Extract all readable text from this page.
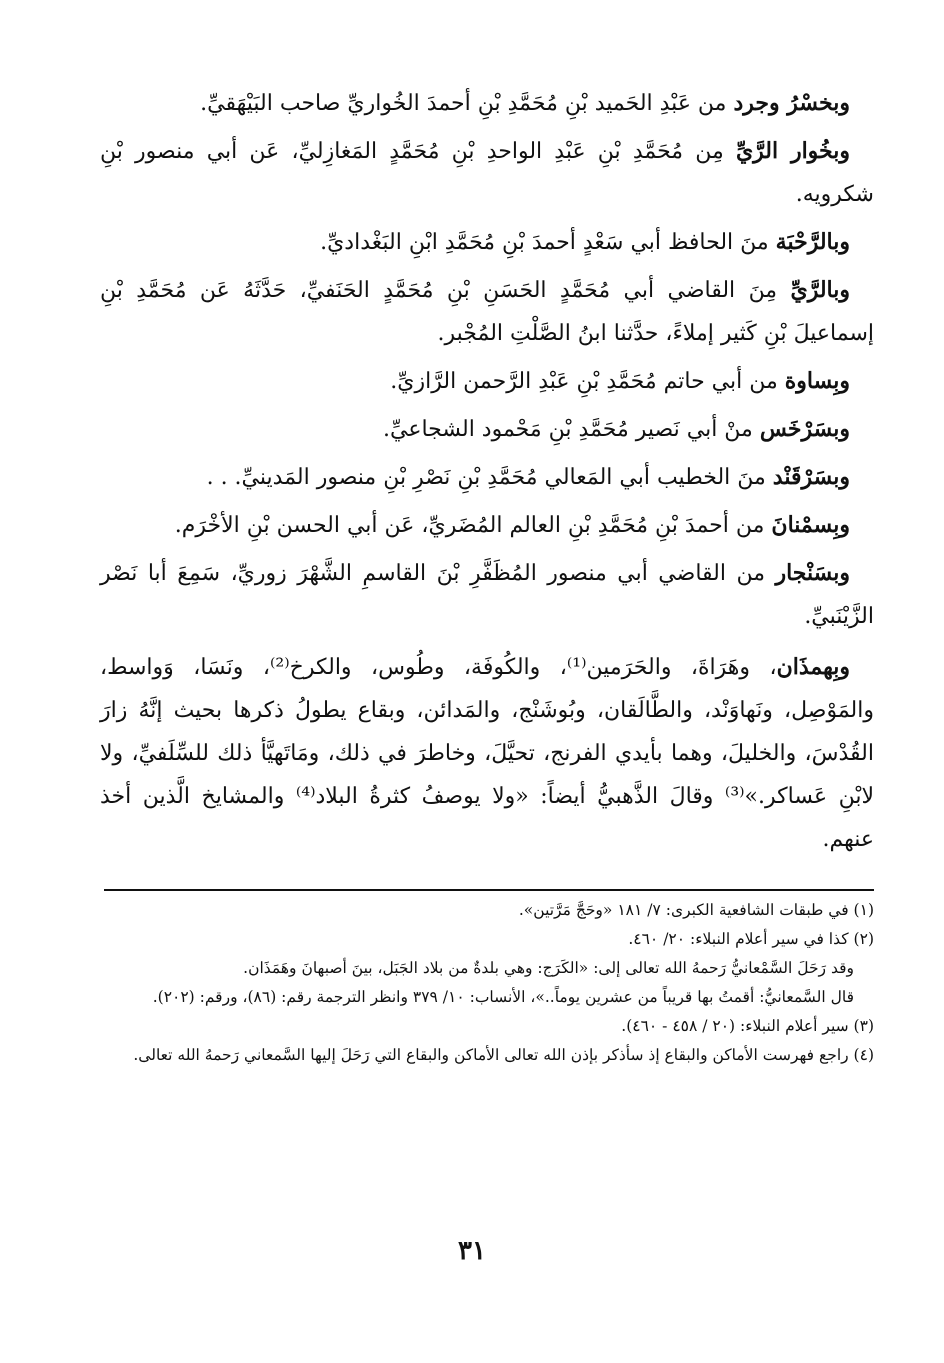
وبخسْرُ وجرد من عَبْدِ الحَميد بْنِ مُحَمَّدِ بْنِ أحمدَ الخُواريِّ صاحب البَيْهَقيِّ.

وبخُوار الرَّيِّ مِن مُحَمَّدِ بْنِ عَبْدِ الواحدِ بْنِ مُحَمَّدٍ المَغازِليِّ، عَن أبي منصور بْنِ شكرويه.

وبالرَّحْبَة منَ الحافظ أبي سَعْدٍ أحمدَ بْنِ مُحَمَّدِ ابْنِ البَغْداديِّ.

وبالرَّيِّ مِنَ القاضي أبي مُحَمَّدٍ الحَسَنِ بْنِ مُحَمَّدٍ الحَنَفيِّ، حَدَّثَهُ عَن مُحَمَّدِ بْنِ إسماعيلَ بْنِ كَثير إملاءً، حدَّثنا ابنُ الصَّلْتِ المُجْبر.

وبِساوة من أبي حاتم مُحَمَّدِ بْنِ عَبْدِ الرَّحمن الرَّازيِّ.

وبسَرْخَس منْ أبي نَصير مُحَمَّدِ بْنِ مَحْمود الشجاعيِّ.

وبسَرْقَنْد منَ الخطيب أبي المَعالي مُحَمَّدِ بْنِ نَصْرِ بْنِ منصور المَدينيِّ. . .

وبِسمْنانَ من أحمدَ بْنِ مُحَمَّدِ بْنِ العالم المُضَريِّ، عَن أبي الحسن بْنِ الأخْرَم.

وبسَنْجار من القاضي أبي منصور المُظَفَّرِ بْنَ القاسمِ الشَّهْرَ زوريِّ، سَمِعَ أبا نَصْر الزَّيْنَبيِّ.

وبِهمذَان، وهَرَاةَ، والحَرَمين⁽¹⁾، والكُوفَة، وطُوس، والكرخ⁽²⁾، ونَسَا، وَواسط، والمَوْصِل، ونَهاوَنْد، والطَّالَقان، وبُوشَنْج، والمَدائن، وبقاع يطولُ ذكرها بحيث إنَّهُ زارَ القُدْسَ، والخليلَ، وهما بأيدي الفرنج، تحيَّلَ، وخاطرَ في ذلك، ومَاتَهيَّأ ذلك للسِّلَفيِّ، ولا لابْنِ عَساكر.»⁽³⁾ وقالَ الذَّهبيُّ أيضاً: «ولا يوصفُ كثرةُ البلاد⁽⁴⁾ والمشايخ الَّذين أخذ عنهم.

(١) في طبقات الشافعية الكبرى: ٧/ ١٨١ «وحَجَّ مَرَّتين».

(٢) كذا في سير أعلام النبلاء: ٢٠/ ٤٦٠.

وقد رَحَلَ السَّمْعانيُّ رَحمهُ الله تعالى إلى: «الكَرَج: وهي بلدةٌ من بلاد الجَبَل، بينَ أصبهانَ وهَمَذَان.

قال السَّمعانيُّ: أقمتُ بها قريباً من عشرين يوماً..»، الأنساب: ١٠/ ٣٧٩ وانظر الترجمة رقم: (٨٦)، ورقم: (٢٠٢).

(٣) سير أعلام النبلاء: (٢٠ / ٤٥٨ - ٤٦٠).

(٤) راجع فهرست الأماكن والبقاع إذ سأذكر بإذن الله تعالى الأماكن والبقاع التي رَحَلَ إليها السَّمعاني رَحمهُ الله تعالى.

٣١
